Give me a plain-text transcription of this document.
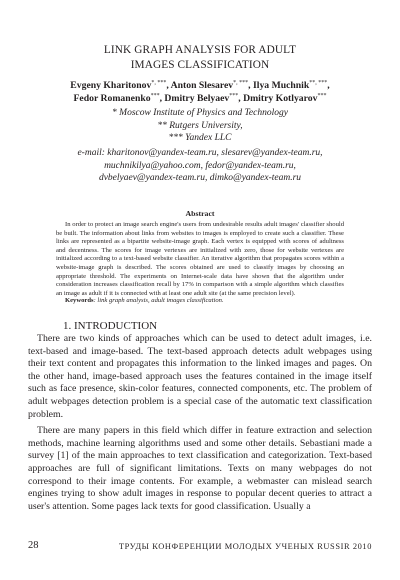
LINK GRAPH ANALYSIS FOR ADULT
IMAGES CLASSIFICATION
Evgeny Kharitonov*, ***, Anton Slesarev*, ***, Ilya Muchnik**, ***,
Fedor Romanenko***, Dmitry Belyaev***, Dmitry Kotlyarov***
* Moscow Institute of Physics and Technology
** Rutgers University,
*** Yandex LLC
e-mail: kharitonov@yandex-team.ru, slesarev@yandex-team.ru,
muchnikilya@yahoo.com, fedor@yandex-team.ru,
dvbelyaev@yandex-team.ru, dimko@yandex-team.ru
Abstract

In order to protect an image search engine's users from undesirable results adult images' classifier should be built. The information about links from websites to images is employed to create such a classifier. These links are represented as a bipartite website-image graph. Each vertex is equipped with scores of adultness and decentness. The scores for image vertexes are initialized with zero, those for website vertexes are initialized according to a text-based website classifier. An iterative algorithm that propagates scores within a website-image graph is described. The scores obtained are used to classify images by choosing an appropriate threshold. The experiments on Internet-scale data have shown that the algorithm under consideration increases classification recall by 17% in comparison with a simple algorithm which classifies an image as adult if it is connected with at least one adult site (at the same precision level).

Keywords: link graph analysis, adult images classification.
1. INTRODUCTION

There are two kinds of approaches which can be used to detect adult images, i.e. text-based and image-based. The text-based approach detects adult webpages using their text content and propagates this information to the linked images and pages. On the other hand, image-based approach uses the features contained in the image itself such as face presence, skin-color features, connected components, etc. The problem of adult webpages detection problem is a special case of the automatic text classification problem.

There are many papers in this field which differ in feature extraction and selection methods, machine learning algorithms used and some other details. Sebastiani made a survey [1] of the main approaches to text classification and categorization. Text-based approaches are full of significant limitations. Texts on many webpages do not correspond to their image contents. For example, a webmaster can mislead search engines trying to show adult images in response to popular decent queries to attract a user's attention. Some pages lack texts for good classification. Usually a

28	ТРУДЫ КОНФЕРЕНЦИИ МОЛОДЫХ УЧЕНЫХ RUSSIR 2010
